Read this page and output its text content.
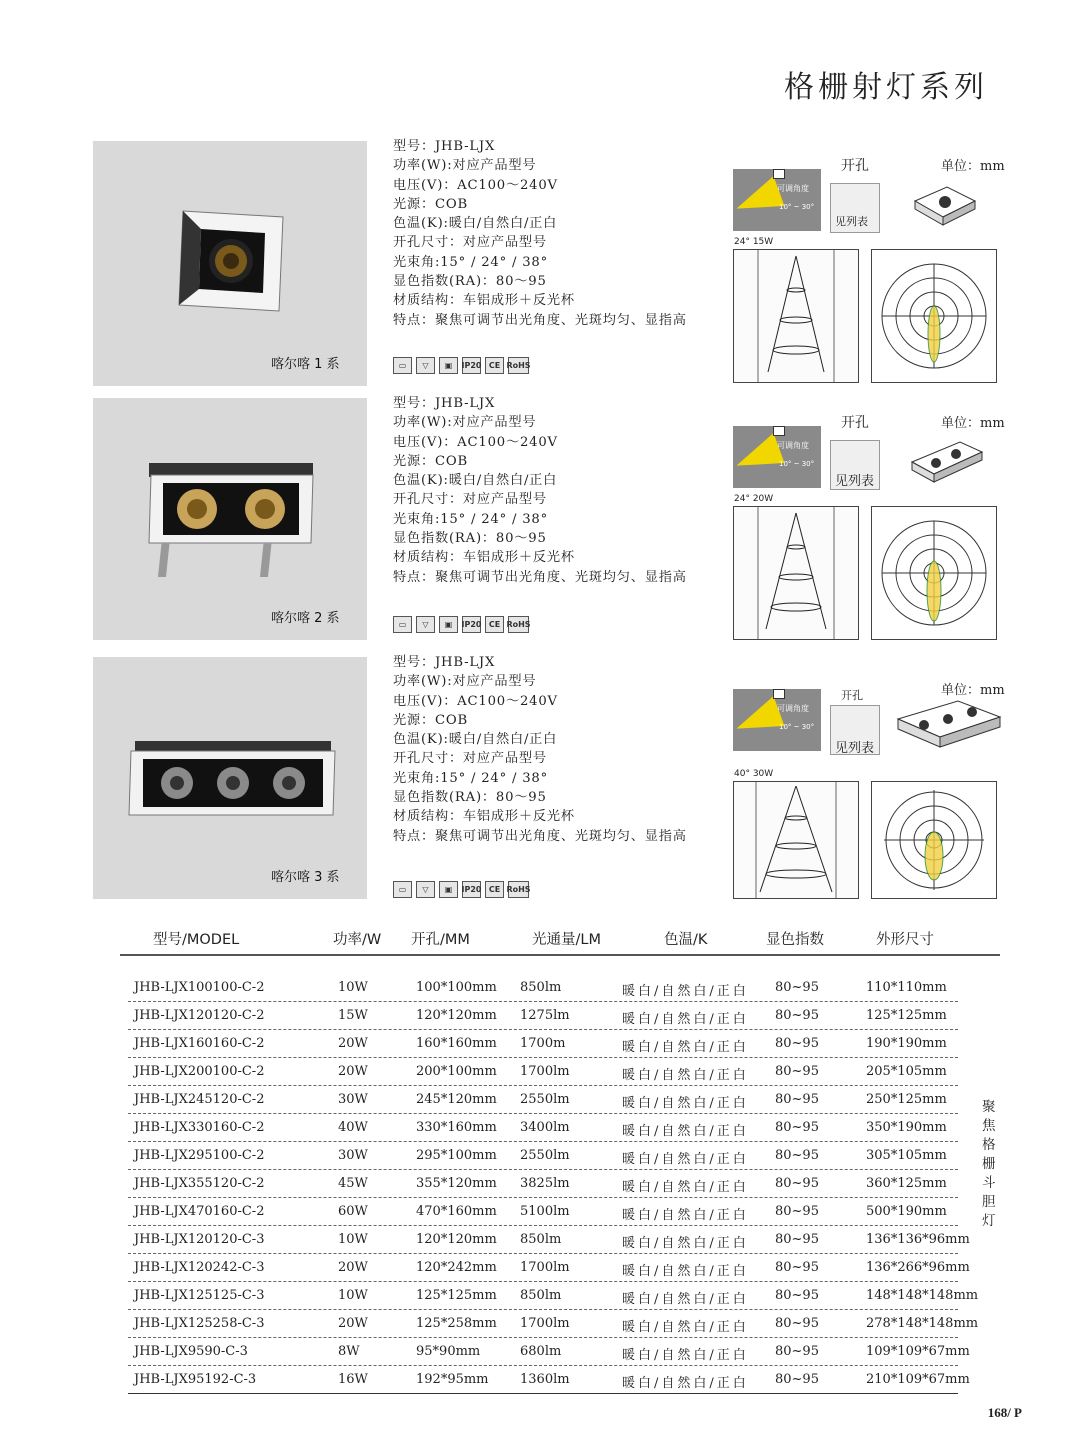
格栅射灯系列
喀尔喀 1 系
型号：JHB-LJX
功率(W):对应产品型号
电压(V)：AC100～240V
光源：COB
色温(K):暖白/自然白/正白
开孔尺寸：对应产品型号
光束角:15° / 24° / 38°
显色指数(RA)：80～95
材质结构：车铝成形＋反光杯
特点：聚焦可调节出光角度、光斑均匀、显指高
▭	▽	▣	IP20 CE RoHS
可调角度
10° ~ 30°
开孔
见列表
单位：mm
24° 15W
喀尔喀 2 系
型号：JHB-LJX
功率(W):对应产品型号
电压(V)：AC100～240V
光源：COB
色温(K):暖白/自然白/正白
开孔尺寸：对应产品型号
光束角:15° / 24° / 38°
显色指数(RA)：80～95
材质结构：车铝成形＋反光杯
特点：聚焦可调节出光角度、光斑均匀、显指高
▭	▽	▣	IP20 CE RoHS
可调角度
10° ~ 30°
开孔
见列表
单位：mm
24° 20W
喀尔喀 3 系
型号：JHB-LJX
功率(W):对应产品型号
电压(V)：AC100～240V
光源：COB
色温(K):暖白/自然白/正白
开孔尺寸：对应产品型号
光束角:15° / 24° / 38°
显色指数(RA)：80～95
材质结构：车铝成形＋反光杯
特点：聚焦可调节出光角度、光斑均匀、显指高
▭	▽	▣	IP20 CE RoHS
可调角度
10° ~ 30°
开孔
见列表
单位：mm
40° 30W
型号/MODEL	功率/W 开孔/MM	光通量/LM	色温/K	显色指数	外形尺寸
JHB-LJX100100-C-2	10W	100*100mm 850lm	暖白/自然白/正白 80~95	110*110mm
JHB-LJX120120-C-2	15W	120*120mm 1275lm	暖白/自然白/正白 80~95	125*125mm
JHB-LJX160160-C-2	20W	160*160mm 1700m	暖白/自然白/正白 80~95	190*190mm
JHB-LJX200100-C-2	20W	200*100mm 1700lm	暖白/自然白/正白 80~95	205*105mm
JHB-LJX245120-C-2	30W	245*120mm 2550lm	暖白/自然白/正白 80~95	250*125mm
JHB-LJX330160-C-2	40W	330*160mm 3400lm	暖白/自然白/正白 80~95	350*190mm
JHB-LJX295100-C-2	30W	295*100mm 2550lm	暖白/自然白/正白 80~95	305*105mm
JHB-LJX355120-C-2	45W	355*120mm 3825lm	暖白/自然白/正白 80~95	360*125mm
JHB-LJX470160-C-2	60W	470*160mm 5100lm	暖白/自然白/正白 80~95	500*190mm
JHB-LJX120120-C-3	10W	120*120mm 850lm	暖白/自然白/正白 80~95	136*136*96mm
JHB-LJX120242-C-3	20W	120*242mm 1700lm	暖白/自然白/正白 80~95	136*266*96mm
JHB-LJX125125-C-3	10W	125*125mm 850lm	暖白/自然白/正白 80~95	148*148*148mm
JHB-LJX125258-C-3	20W	125*258mm 1700lm	暖白/自然白/正白 80~95	278*148*148mm
JHB-LJX9590-C-3	8W	95*90mm	680lm	暖白/自然白/正白 80~95	109*109*67mm
JHB-LJX95192-C-3	16W	192*95mm 1360lm	暖白/自然白/正白 80~95	210*109*67mm
聚焦格栅斗胆灯
168/ P
